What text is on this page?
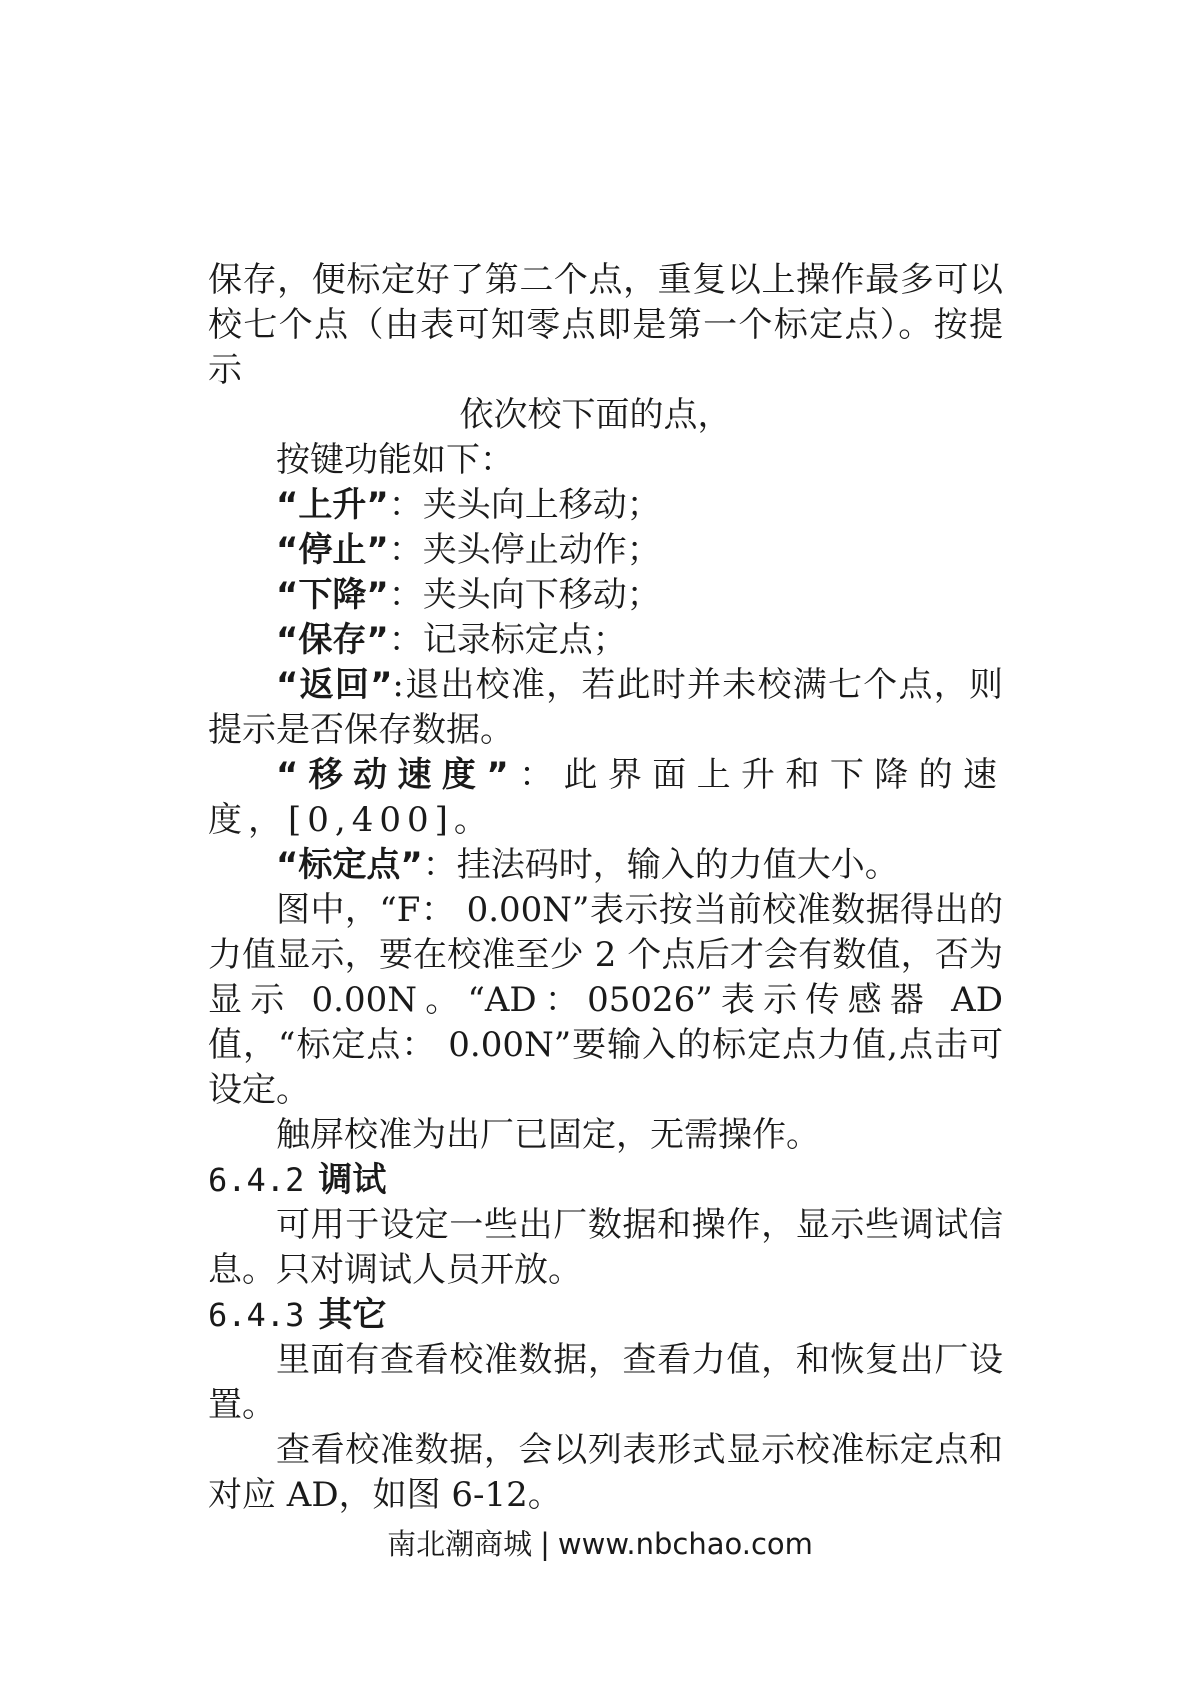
保存，便标定好了第二个点，重复以上操作最多可以校七个点（由表可知零点即是第一个标定点）。按提示

依次校下面的点，

按键功能如下：

“上升”：夹头向上移动；

“停止”：夹头停止动作；

“下降”：夹头向下移动；

“保存”：记录标定点；

“返回”:退出校准，若此时并未校满七个点，则提示是否保存数据。

“移动速度”：此界面上升和下降的速度，[0,400]。

“标定点”：挂法码时，输入的力值大小。

图中，“F： 0.00N”表示按当前校准数据得出的力值显示，要在校准至少 2 个点后才会有数值，否为显示 0.00N。“AD：05026”表示传感器 AD 值，“标定点： 0.00N”要输入的标定点力值,点击可设定。

触屏校准为出厂已固定，无需操作。

6.4.2 调试

可用于设定一些出厂数据和操作，显示些调试信息。只对调试人员开放。

6.4.3 其它

里面有查看校准数据，查看力值，和恢复出厂设置。

查看校准数据，会以列表形式显示校准标定点和对应 AD，如图 6-12。

南北潮商城 | www.nbchao.com
